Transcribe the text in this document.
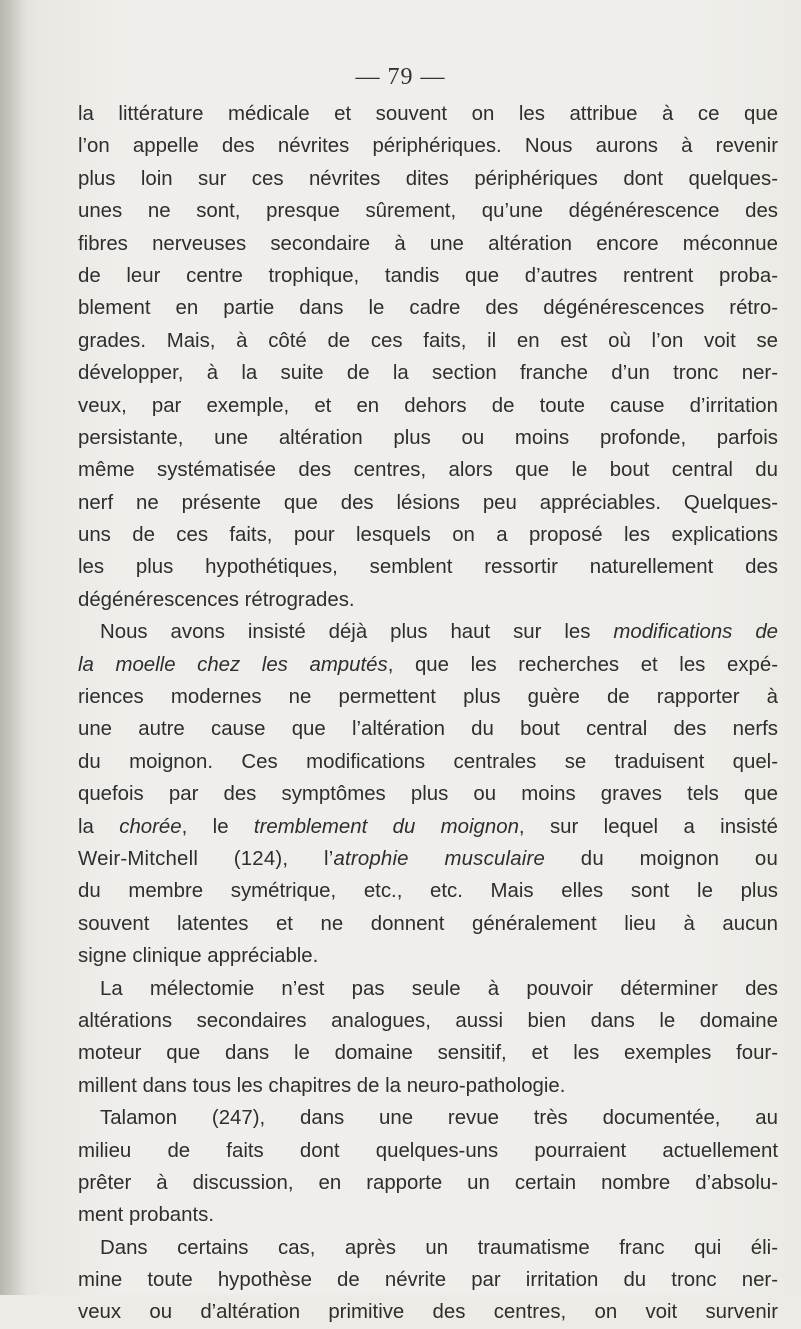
— 79 —
la littérature médicale et souvent on les attribue à ce que
l’on appelle des névrites périphériques. Nous aurons à revenir
plus loin sur ces névrites dites périphériques dont quelques-
unes ne sont, presque sûrement, qu’une dégénérescence des
fibres nerveuses secondaire à une altération encore méconnue
de leur centre trophique, tandis que d’autres rentrent proba-
blement en partie dans le cadre des dégénérescences rétro-
grades. Mais, à côté de ces faits, il en est où l’on voit se
développer, à la suite de la section franche d’un tronc ner-
veux, par exemple, et en dehors de toute cause d’irritation
persistante, une altération plus ou moins profonde, parfois
même systématisée des centres, alors que le bout central du
nerf ne présente que des lésions peu appréciables. Quelques-
uns de ces faits, pour lesquels on a proposé les explications
les plus hypothétiques, semblent ressortir naturellement des
dégénérescences rétrogrades.
Nous avons insisté déjà plus haut sur les modifications de
la moelle chez les amputés, que les recherches et les expé-
riences modernes ne permettent plus guère de rapporter à
une autre cause que l’altération du bout central des nerfs
du moignon. Ces modifications centrales se traduisent quel-
quefois par des symptômes plus ou moins graves tels que
la chorée, le tremblement du moignon, sur lequel a insisté
Weir-Mitchell (124), l’atrophie musculaire du moignon ou
du membre symétrique, etc., etc. Mais elles sont le plus
souvent latentes et ne donnent généralement lieu à aucun
signe clinique appréciable.
La mélectomie n’est pas seule à pouvoir déterminer des
altérations secondaires analogues, aussi bien dans le domaine
moteur que dans le domaine sensitif, et les exemples four-
millent dans tous les chapitres de la neuro-pathologie.
Talamon (247), dans une revue très documentée, au
milieu de faits dont quelques-uns pourraient actuellement
prêter à discussion, en rapporte un certain nombre d’absolu-
ment probants.
Dans certains cas, après un traumatisme franc qui éli-
mine toute hypothèse de névrite par irritation du tronc ner-
veux ou d’altération primitive des centres, on voit survenir
